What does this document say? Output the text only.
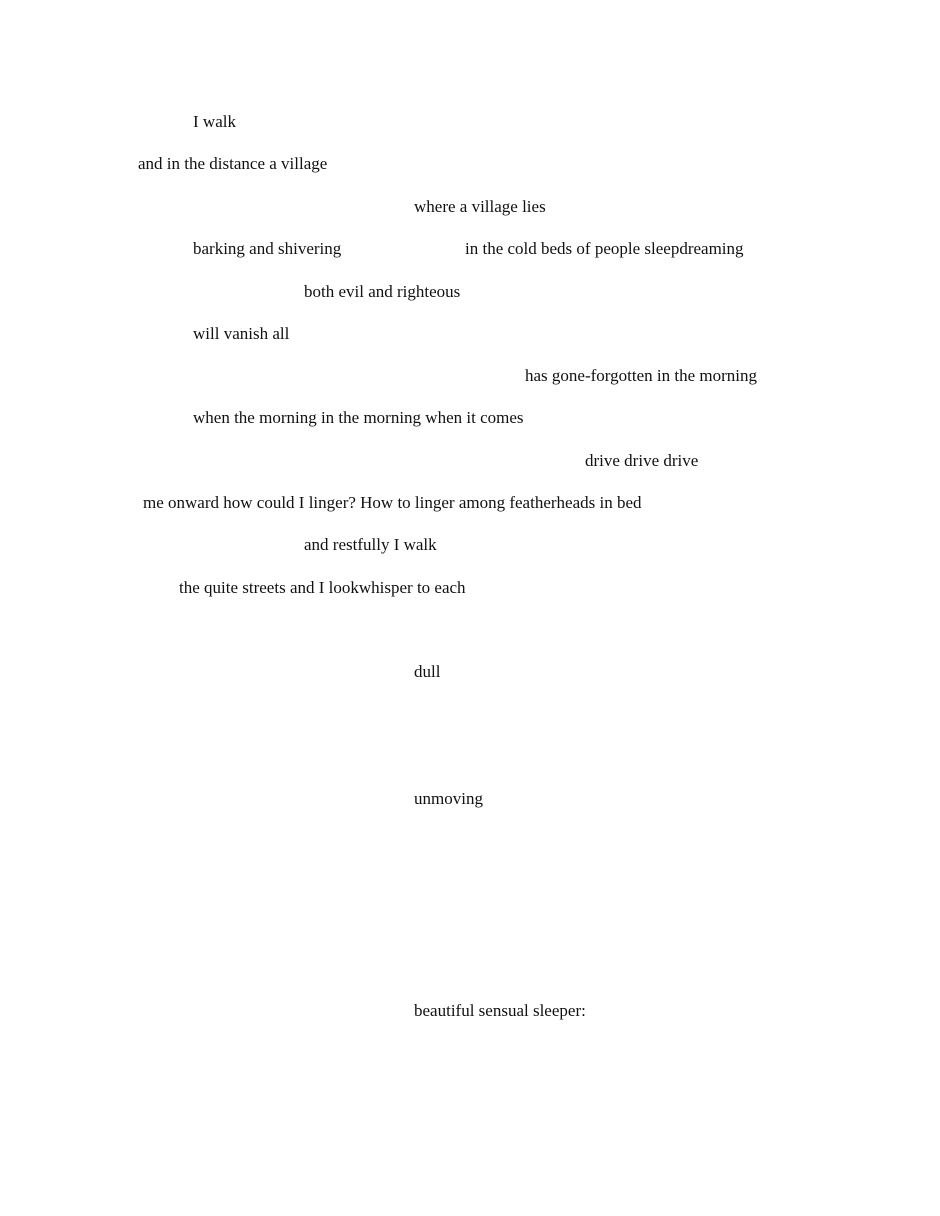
I walk
and in the distance a village
where a village lies
barking and shivering	in the cold beds of people sleepdreaming
both evil and righteous
will vanish all
has gone-forgotten in the morning
when the morning in the morning when it comes
drive drive drive
me onward how could I linger? How to linger among featherheads in bed
and restfully I walk
the quite streets and I lookwhisper to each
dull
unmoving
beautiful sensual sleeper:
